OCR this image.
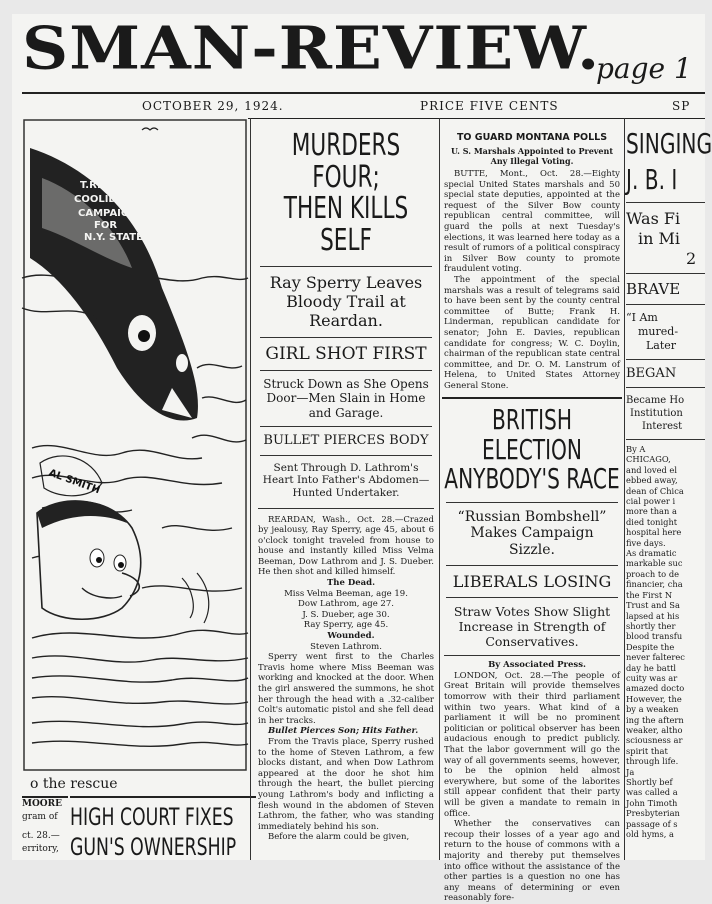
SMAN-REVIEW.
page 1
OCTOBER 29, 1924.	PRICE FIVE CENTS	SP
T.R.-
COOLIDGE
CAMPAIGN
FOR
N.Y. STATE
AL SMITH
o the rescue
MOORE
gram of
ct. 28.—
erritory,
HIGH COURT FIXES
GUN'S OWNERSHIP
MURDERS FOUR;
THEN KILLS SELF
Ray Sperry Leaves Bloody Trail at Reardan.
GIRL SHOT FIRST
Struck Down as She Opens Door—Men Slain in Home and Garage.
BULLET PIERCES BODY
Sent Through D. Lathrom's Heart Into Father's Abdomen—Hunted Undertaker.

REARDAN, Wash., Oct. 28.—Crazed by jealousy, Ray Sperry, age 45, about 6 o'clock tonight traveled from house to house and instantly killed Miss Velma Beeman, Dow Lathrom and J. S. Dueber. He then shot and killed himself.

The Dead.

Miss Velma Beeman, age 19.

Dow Lathrom, age 27.

J. S. Dueber, age 30.

Ray Sperry, age 45.

Wounded.

Steven Lathrom.

Sperry went first to the Charles Travis home where Miss Beeman was working and knocked at the door. When the girl answered the summons, he shot her through the head with a .32-caliber Colt's automatic pistol and she fell dead in her tracks.

Bullet Pierces Son; Hits Father.

From the Travis place, Sperry rushed to the home of Steven Lathrom, a few blocks distant, and when Dow Lathrom appeared at the door he shot him through the heart, the bullet piercing young Lathrom's body and inflicting a flesh wound in the abdomen of Steven Lathrom, the father, who was standing immediately behind his son.

Before the alarm could be given,

TO GUARD MONTANA POLLS
U. S. Marshals Appointed to Prevent Any Illegal Voting.

BUTTE, Mont., Oct. 28.—Eighty special United States marshals and 50 special state deputies, appointed at the request of the Silver Bow county republican central committee, will guard the polls at next Tuesday's elections, it was learned here today as a result of rumors of a political conspiracy in Silver Bow county to promote fraudulent voting.

The appointment of the special marshals was a result of telegrams said to have been sent by the county central committee of Butte; Frank H. Linderman, republican candidate for senator; John E. Davies, republican candidate for congress; W. C. Doylin, chairman of the republican state central committee, and Dr. O. M. Lanstrum of Helena, to United States Attorney General Stone.

BRITISH ELECTION
ANYBODY'S RACE
“Russian Bombshell” Makes Campaign Sizzle.
LIBERALS LOSING
Straw Votes Show Slight Increase in Strength of Conservatives.

By Associated Press.

LONDON, Oct. 28.—The people of Great Britain will provide themselves tomorrow with their third parliament within two years. What kind of a parliament it will be no prominent politician or political observer has been audacious enough to predict publicly. That the labor government will go the way of all governments seems, however, to be the opinion held almost everywhere, but some of the laborites still appear confident that their party will be given a mandate to remain in office.

Whether the conservatives can recoup their losses of a year ago and return to the house of commons with a majority and thereby put themselves into office without the assistance of the other parties is a question no one has any means of determining or even reasonably fore-

SINGING
J. B. I
Was Fi
in Mi
2
BRAVE
“I Am
mured-
Later
BEGAN
Became Ho
Institution
Interest
By A
CHICAGO,
and loved el
ebbed away,
dean of Chica
cial power i
more than a
died tonight
hospital here
five days.
As dramatic
markable suc
proach to de
financier, cha
the First N
Trust and Sa
lapsed at his
shortly ther
blood transfu
Despite the
never falterec
day he battl
cuity was ar
amazed docto
However, the
by a weaken
ing the aftern
weaker, altho
sciousness ar
spirit that
through life.
Ja
Shortly bef
was called a
John Timoth
Presbyterian
passage of s
old hyms, a
